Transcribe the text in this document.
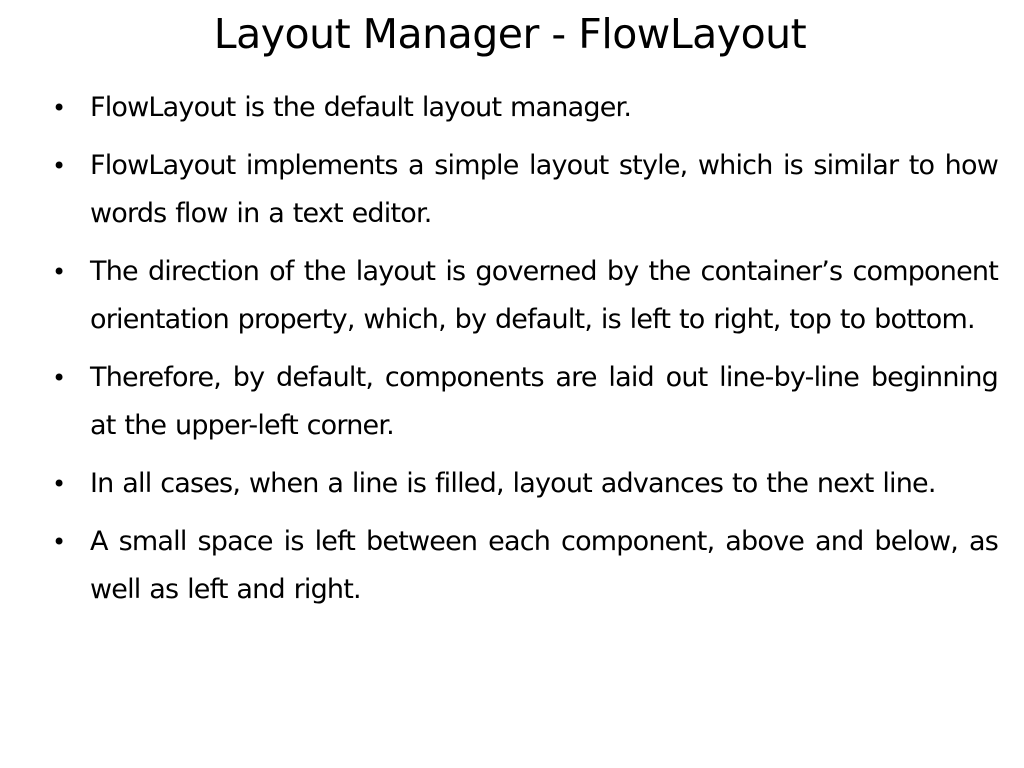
Layout Manager - FlowLayout
• FlowLayout is the default layout manager.
• FlowLayout implements a simple layout style, which is similar to how words flow in a text editor.
• The direction of the layout is governed by the container’s component orientation property, which, by default, is left to right, top to bottom.
• Therefore, by default, components are laid out line-by-line beginning at the upper-left corner.
• In all cases, when a line is filled, layout advances to the next line.
• A small space is left between each component, above and below, as well as left and right.
